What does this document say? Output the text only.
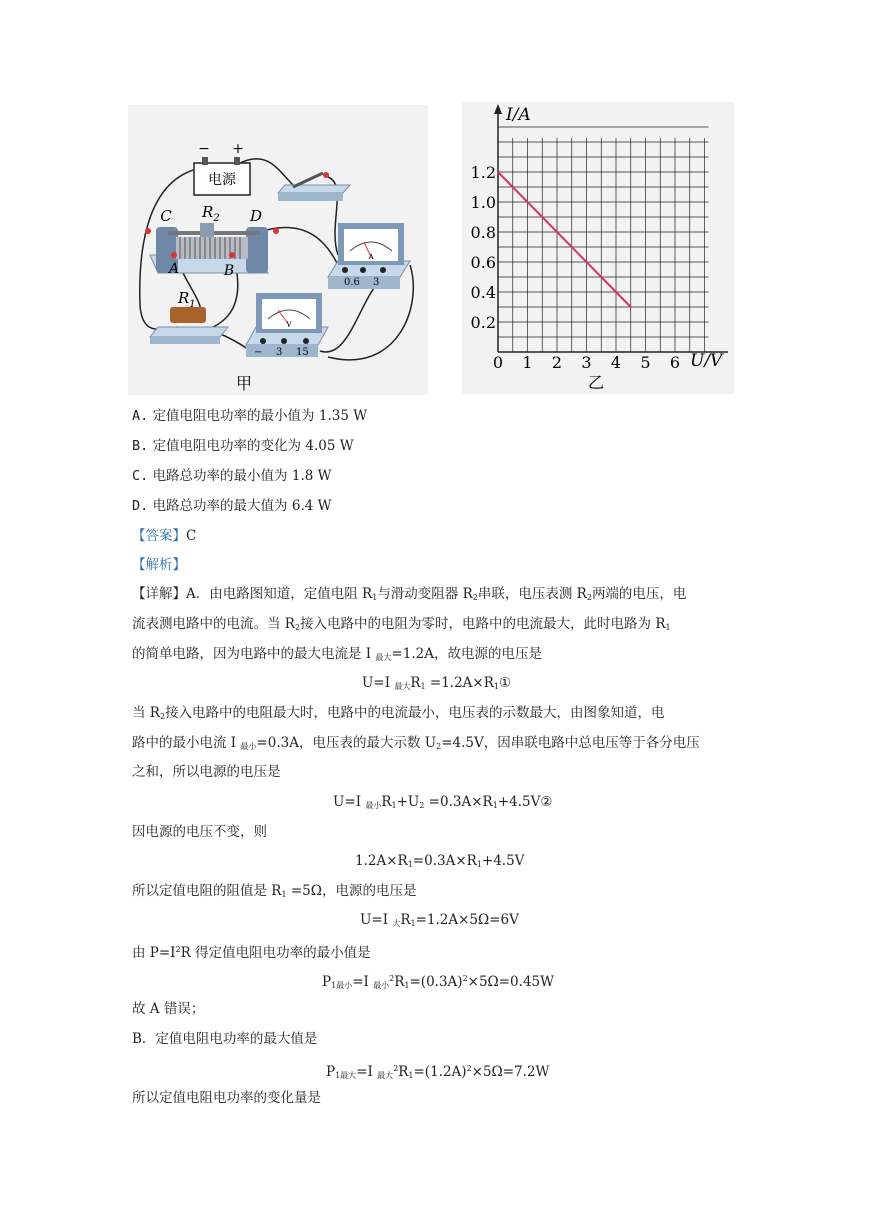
电源
− +
C	D
A	B
$R_2$
$R_1$
V
− 3 15
A
0.6 3
甲
0 1 2 3 4 5 6
0.2
0.4
0.6
0.8
1.0
1.2
I/A
U/V
乙
A. 定值电阻电功率的最小值为 1.35 W
B. 定值电阻电功率的变化为 4.05 W
C. 电路总功率的最小值为 1.8 W
D. 电路总功率的最大值为 6.4 W
【答案】C
【解析】
【详解】A．由电路图知道，定值电阻 $R_1$与滑动变阻器 $R_2$串联，电压表测 $R_2$两端的电压，电
流表测电路中的电流。当 $R_2$接入电路中的电阻为零时，电路中的电流最大，此时电路为 $R_1$
的简单电路，因为电路中的最大电流是 I $_{最大}$=1.2A，故电源的电压是
U=I $_{最大}R_1$ $=1.2A\times R_1①$
当 $R_2$接入电路中的电阻最大时，电路中的电流最小，电压表的示数最大，由图象知道，电
路中的最小电流 I $_{最小}$=0.3A，电压表的最大示数 $U_2=4.5V$，因串联电路中总电压等于各分电压
之和，所以电源的电压是
U=I $_{最小}R_1+U_2$ $=0.3A\times R_1+4.5V②$
因电源的电压不变，则
$1.2A\times R_1=0.3A\times R_1+4.5V$
所以定值电阻的阻值是 $R_1 =5\Omega$，电源的电压是
U=I $_大R_1=1.2A\times 5\Omega=6V$
由 $P=I^2R$ 得定值电阻电功率的最小值是
$P_{1最小}=I$ $_{最小}^2R_1=(0.3A)^2\times 5\Omega=0.45W$
故 A 错误；
B．定值电阻电功率的最大值是
$P_{1最大}=I$ $_{最大}^2R_1=(1.2A)^2\times 5\Omega=7.2W$
所以定值电阻电功率的变化量是
